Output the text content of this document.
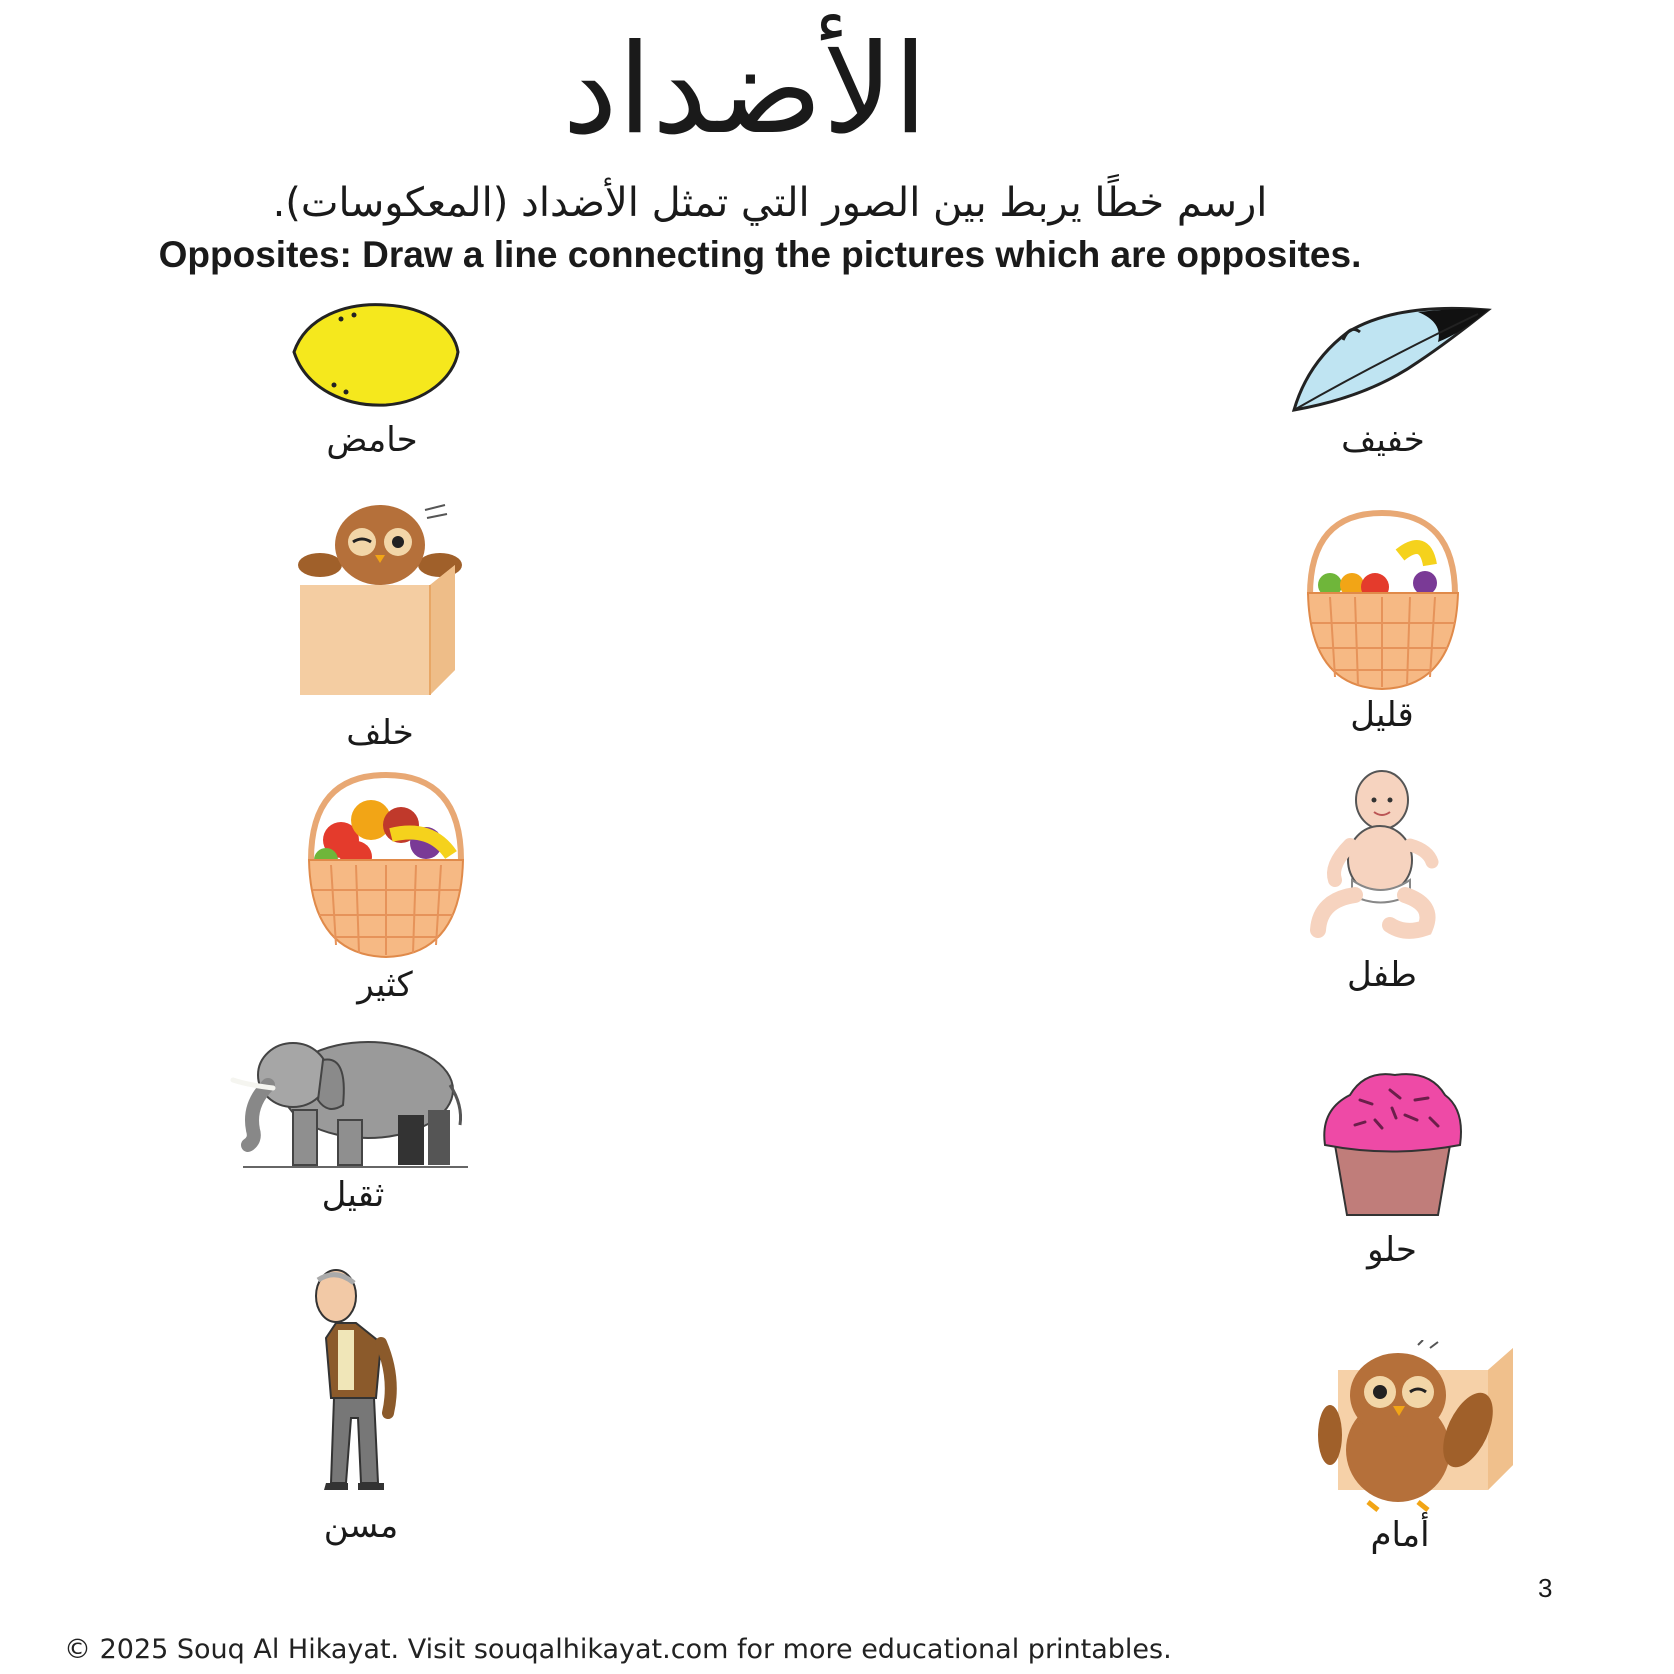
الأضداد
ارسم خطًا يربط بين الصور التي تمثل الأضداد (المعكوسات).
Opposites: Draw a line connecting the pictures which are opposites.
حامض
خلف
كثير
ثقيل
مسن
خفيف
قليل
طفل
حلو
أمام
3
© 2025 Souq Al Hikayat. Visit souqalhikayat.com for more educational printables.
